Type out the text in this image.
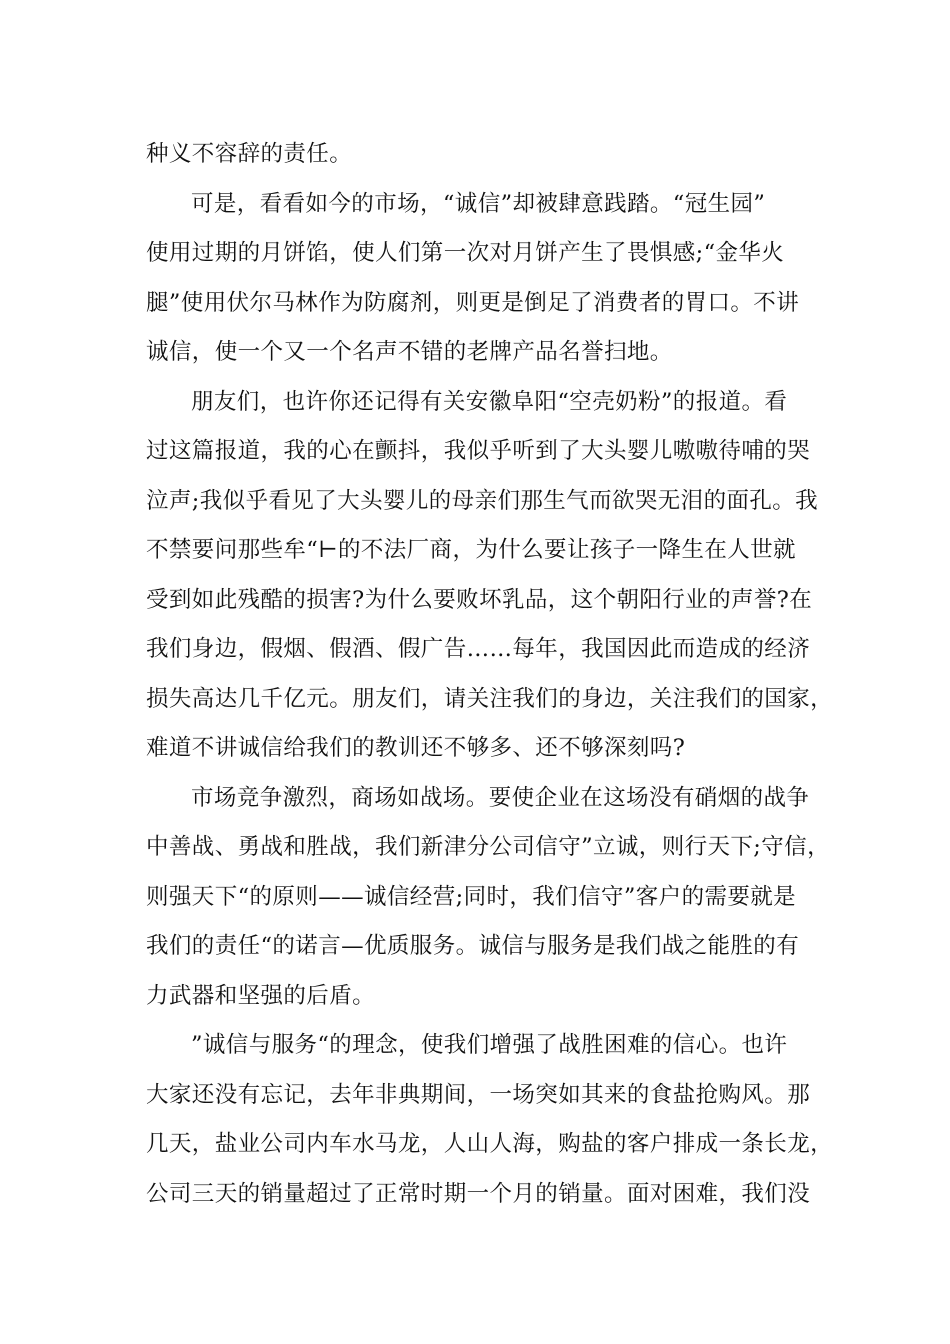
种义不容辞的责任。
可是，看看如今的市场，“诚信”却被肆意践踏。“冠生园”
使用过期的月饼馅，使人们第一次对月饼产生了畏惧感;“金华火
腿”使用伏尔马林作为防腐剂，则更是倒足了消费者的胃口。不讲
诚信，使一个又一个名声不错的老牌产品名誉扫地。
朋友们，也许你还记得有关安徽阜阳“空壳奶粉”的报道。看
过这篇报道，我的心在颤抖，我似乎听到了大头婴儿嗷嗷待哺的哭
泣声;我似乎看见了大头婴儿的母亲们那生气而欲哭无泪的面孔。我
不禁要问那些牟“⊢的不法厂商，为什么要让孩子一降生在人世就
受到如此残酷的损害?为什么要败坏乳品，这个朝阳行业的声誉?在
我们身边，假烟、假酒、假广告……每年，我国因此而造成的经济
损失高达几千亿元。朋友们，请关注我们的身边，关注我们的国家，
难道不讲诚信给我们的教训还不够多、还不够深刻吗?
市场竞争激烈，商场如战场。要使企业在这场没有硝烟的战争
中善战、勇战和胜战，我们新津分公司信守”立诚，则行天下;守信，
则强天下“的原则——诚信经营;同时，我们信守”客户的需要就是
我们的责任“的诺言—优质服务。诚信与服务是我们战之能胜的有
力武器和坚强的后盾。
”诚信与服务“的理念，使我们增强了战胜困难的信心。也许
大家还没有忘记，去年非典期间，一场突如其来的食盐抢购风。那
几天，盐业公司内车水马龙，人山人海，购盐的客户排成一条长龙，
公司三天的销量超过了正常时期一个月的销量。面对困难，我们没
